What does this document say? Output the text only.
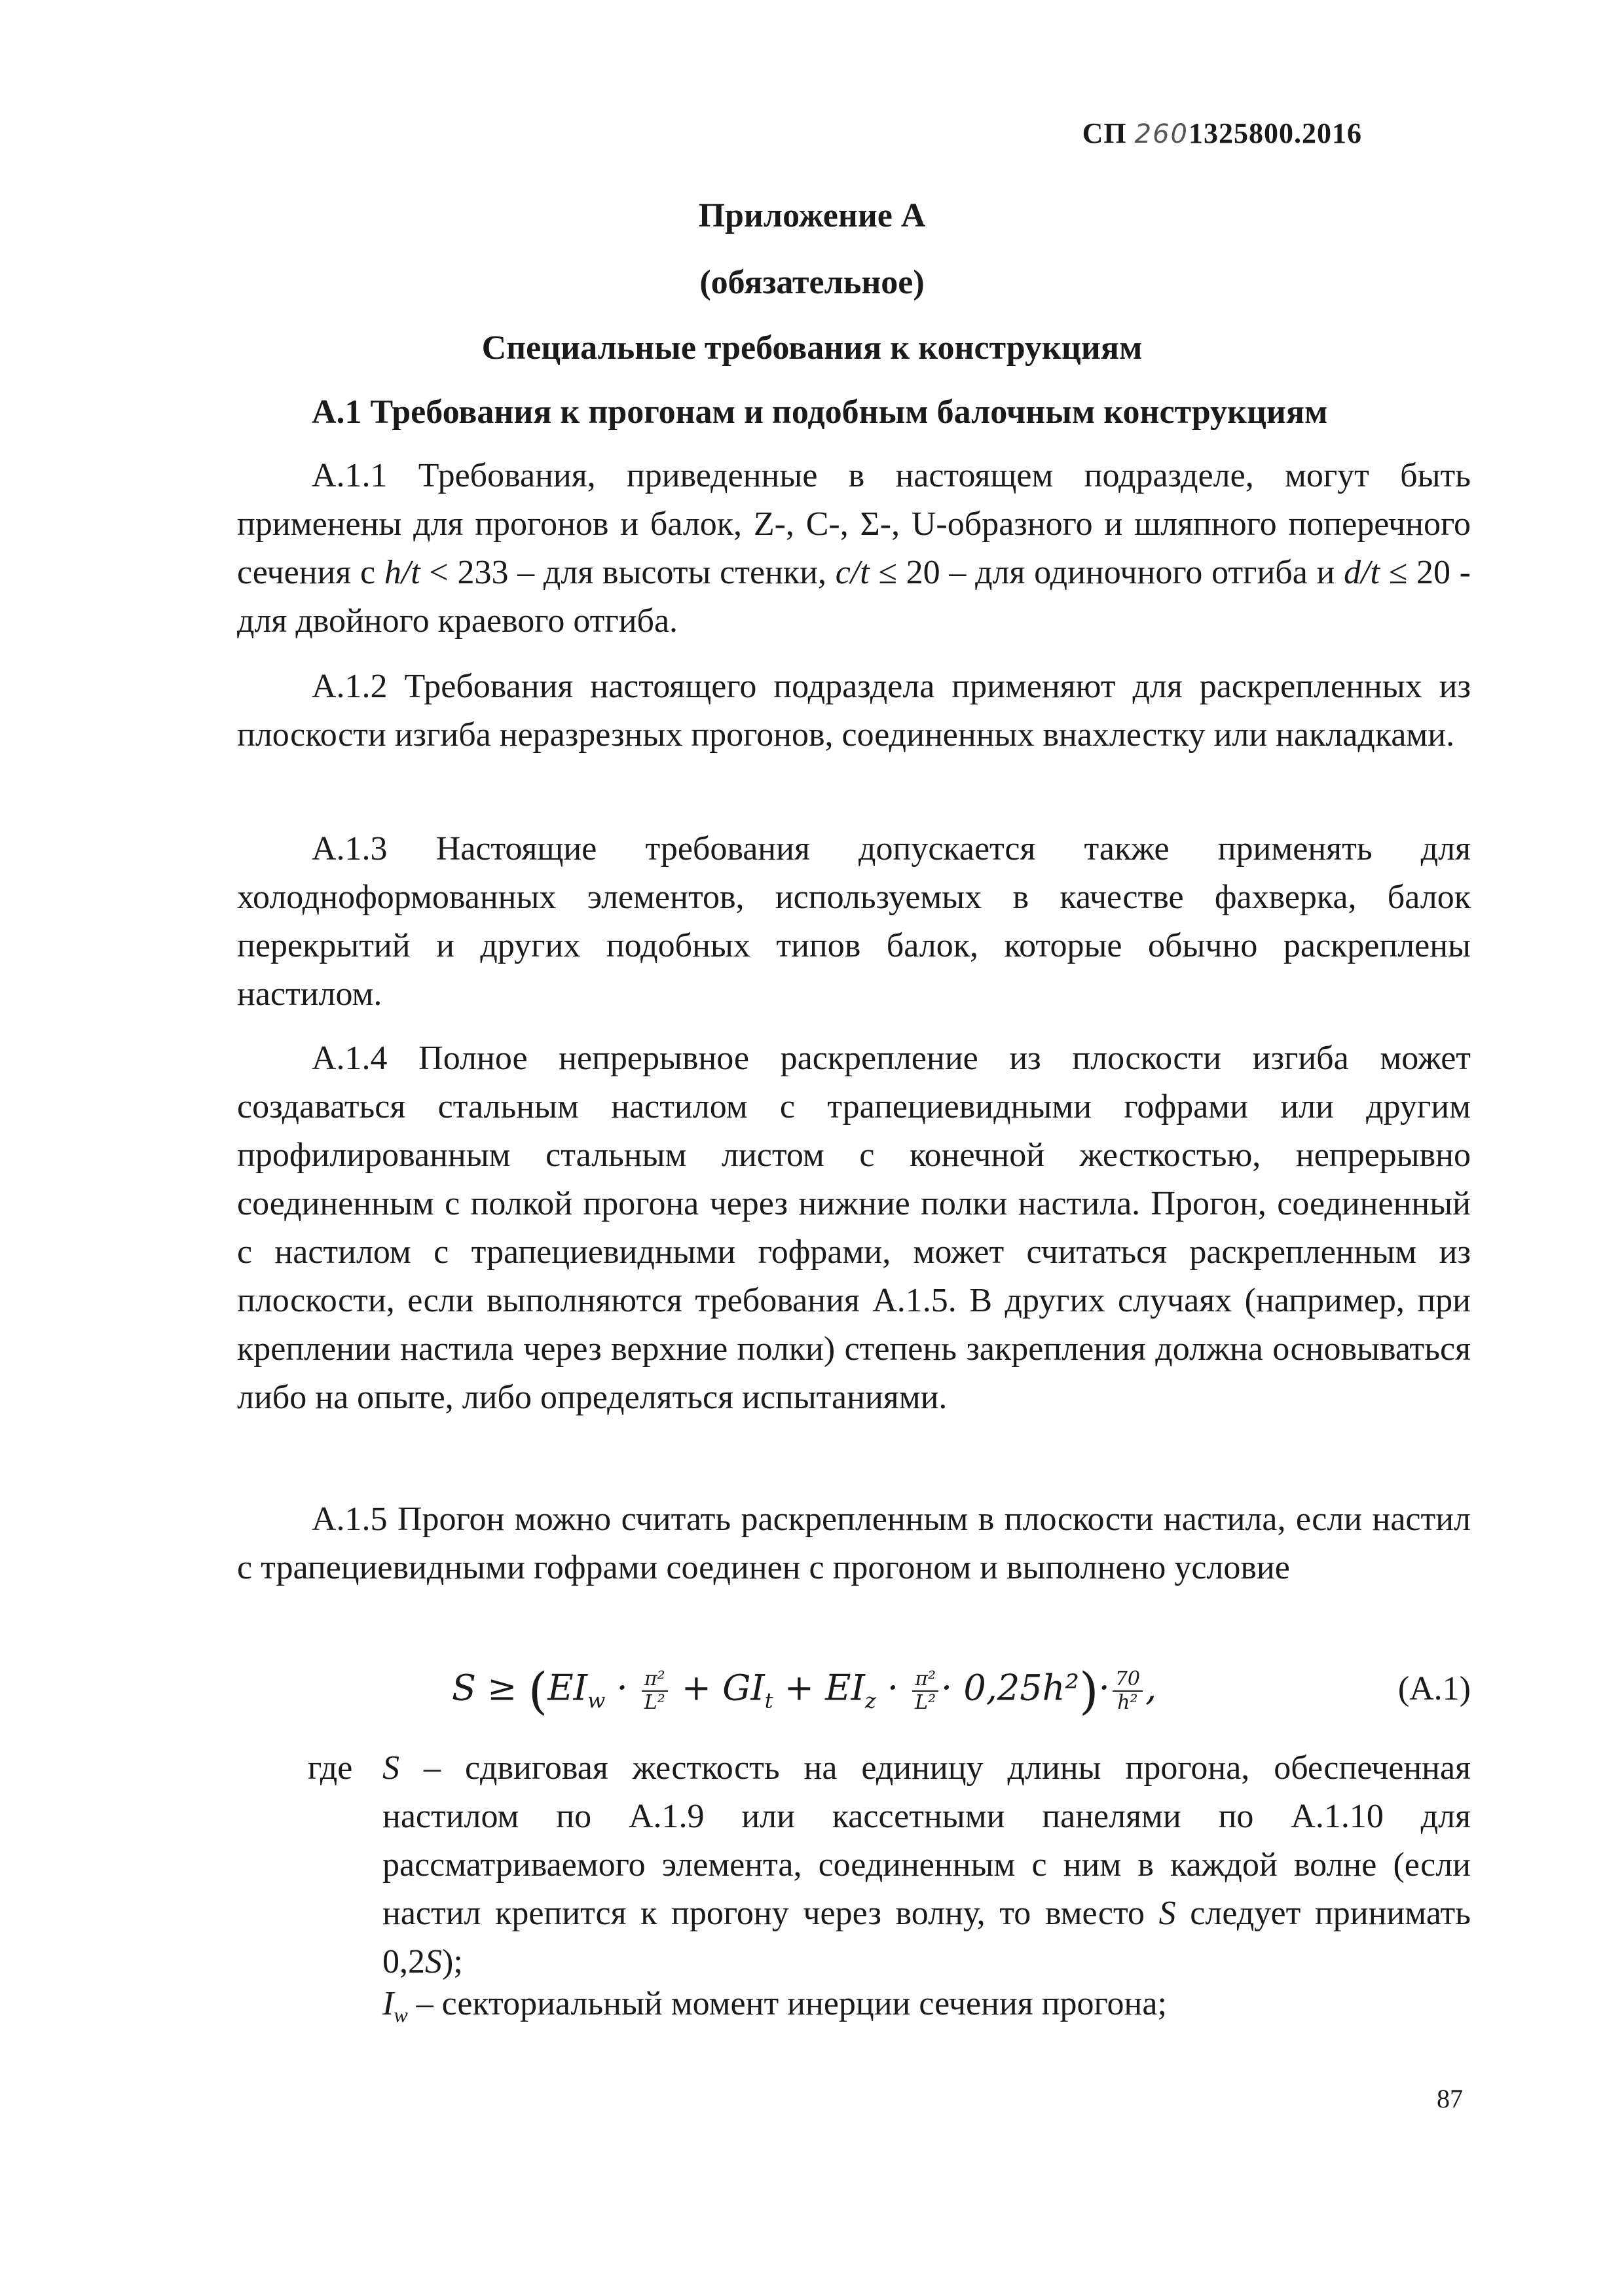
СП 2601325800.2016
Приложение А
(обязательное)
Специальные требования к конструкциям
А.1 Требования к прогонам и подобным балочным конструкциям

А.1.1 Требования, приведенные в настоящем подразделе, могут быть применены для прогонов и балок, Z-, C-, Σ-, U-образного и шляпного поперечного сечения с h/t < 233 – для высоты стенки, c/t ≤ 20 – для одиночного отгиба и d/t ≤ 20 - для двойного краевого отгиба.

А.1.2 Требования настоящего подраздела применяют для раскрепленных из плоскости изгиба неразрезных прогонов, соединенных внахлестку или накладками.

А.1.3 Настоящие требования допускается также применять для холодноформованных элементов, используемых в качестве фахверка, балок перекрытий и других подобных типов балок, которые обычно раскреплены настилом.

А.1.4 Полное непрерывное раскрепление из плоскости изгиба может создаваться стальным настилом с трапециевидными гофрами или другим профилированным стальным листом с конечной жесткостью, непрерывно соединенным с полкой прогона через нижние полки настила. Прогон, соединенный с настилом с трапециевидными гофрами, может считаться раскрепленным из плоскости, если выполняются требования А.1.5. В других случаях (например, при креплении настила через верхние полки) степень закрепления должна основываться либо на опыте, либо определяться испытаниями.

А.1.5 Прогон можно считать раскрепленным в плоскости настила, если настил с трапециевидными гофрами соединен с прогоном и выполнено условие

$S \ge (EI_w \cdot \frac{\text{π²}}{\text{L²}} + GI_t + EI_z \cdot \frac{\text{π²}}{\text{L²}} \cdot 0,25h^2)\cdot \frac{70}{\text{h²}}$ ,	(А.1)
где S – сдвиговая жесткость на единицу длины прогона, обеспеченная настилом по А.1.9 или кассетными панелями по А.1.10 для рассматриваемого элемента, соединенным с ним в каждой волне (если настил крепится к прогону через волну, то вместо S следует принимать 0,2S);

$I_w$ – секториальный момент инерции сечения прогона;
87
